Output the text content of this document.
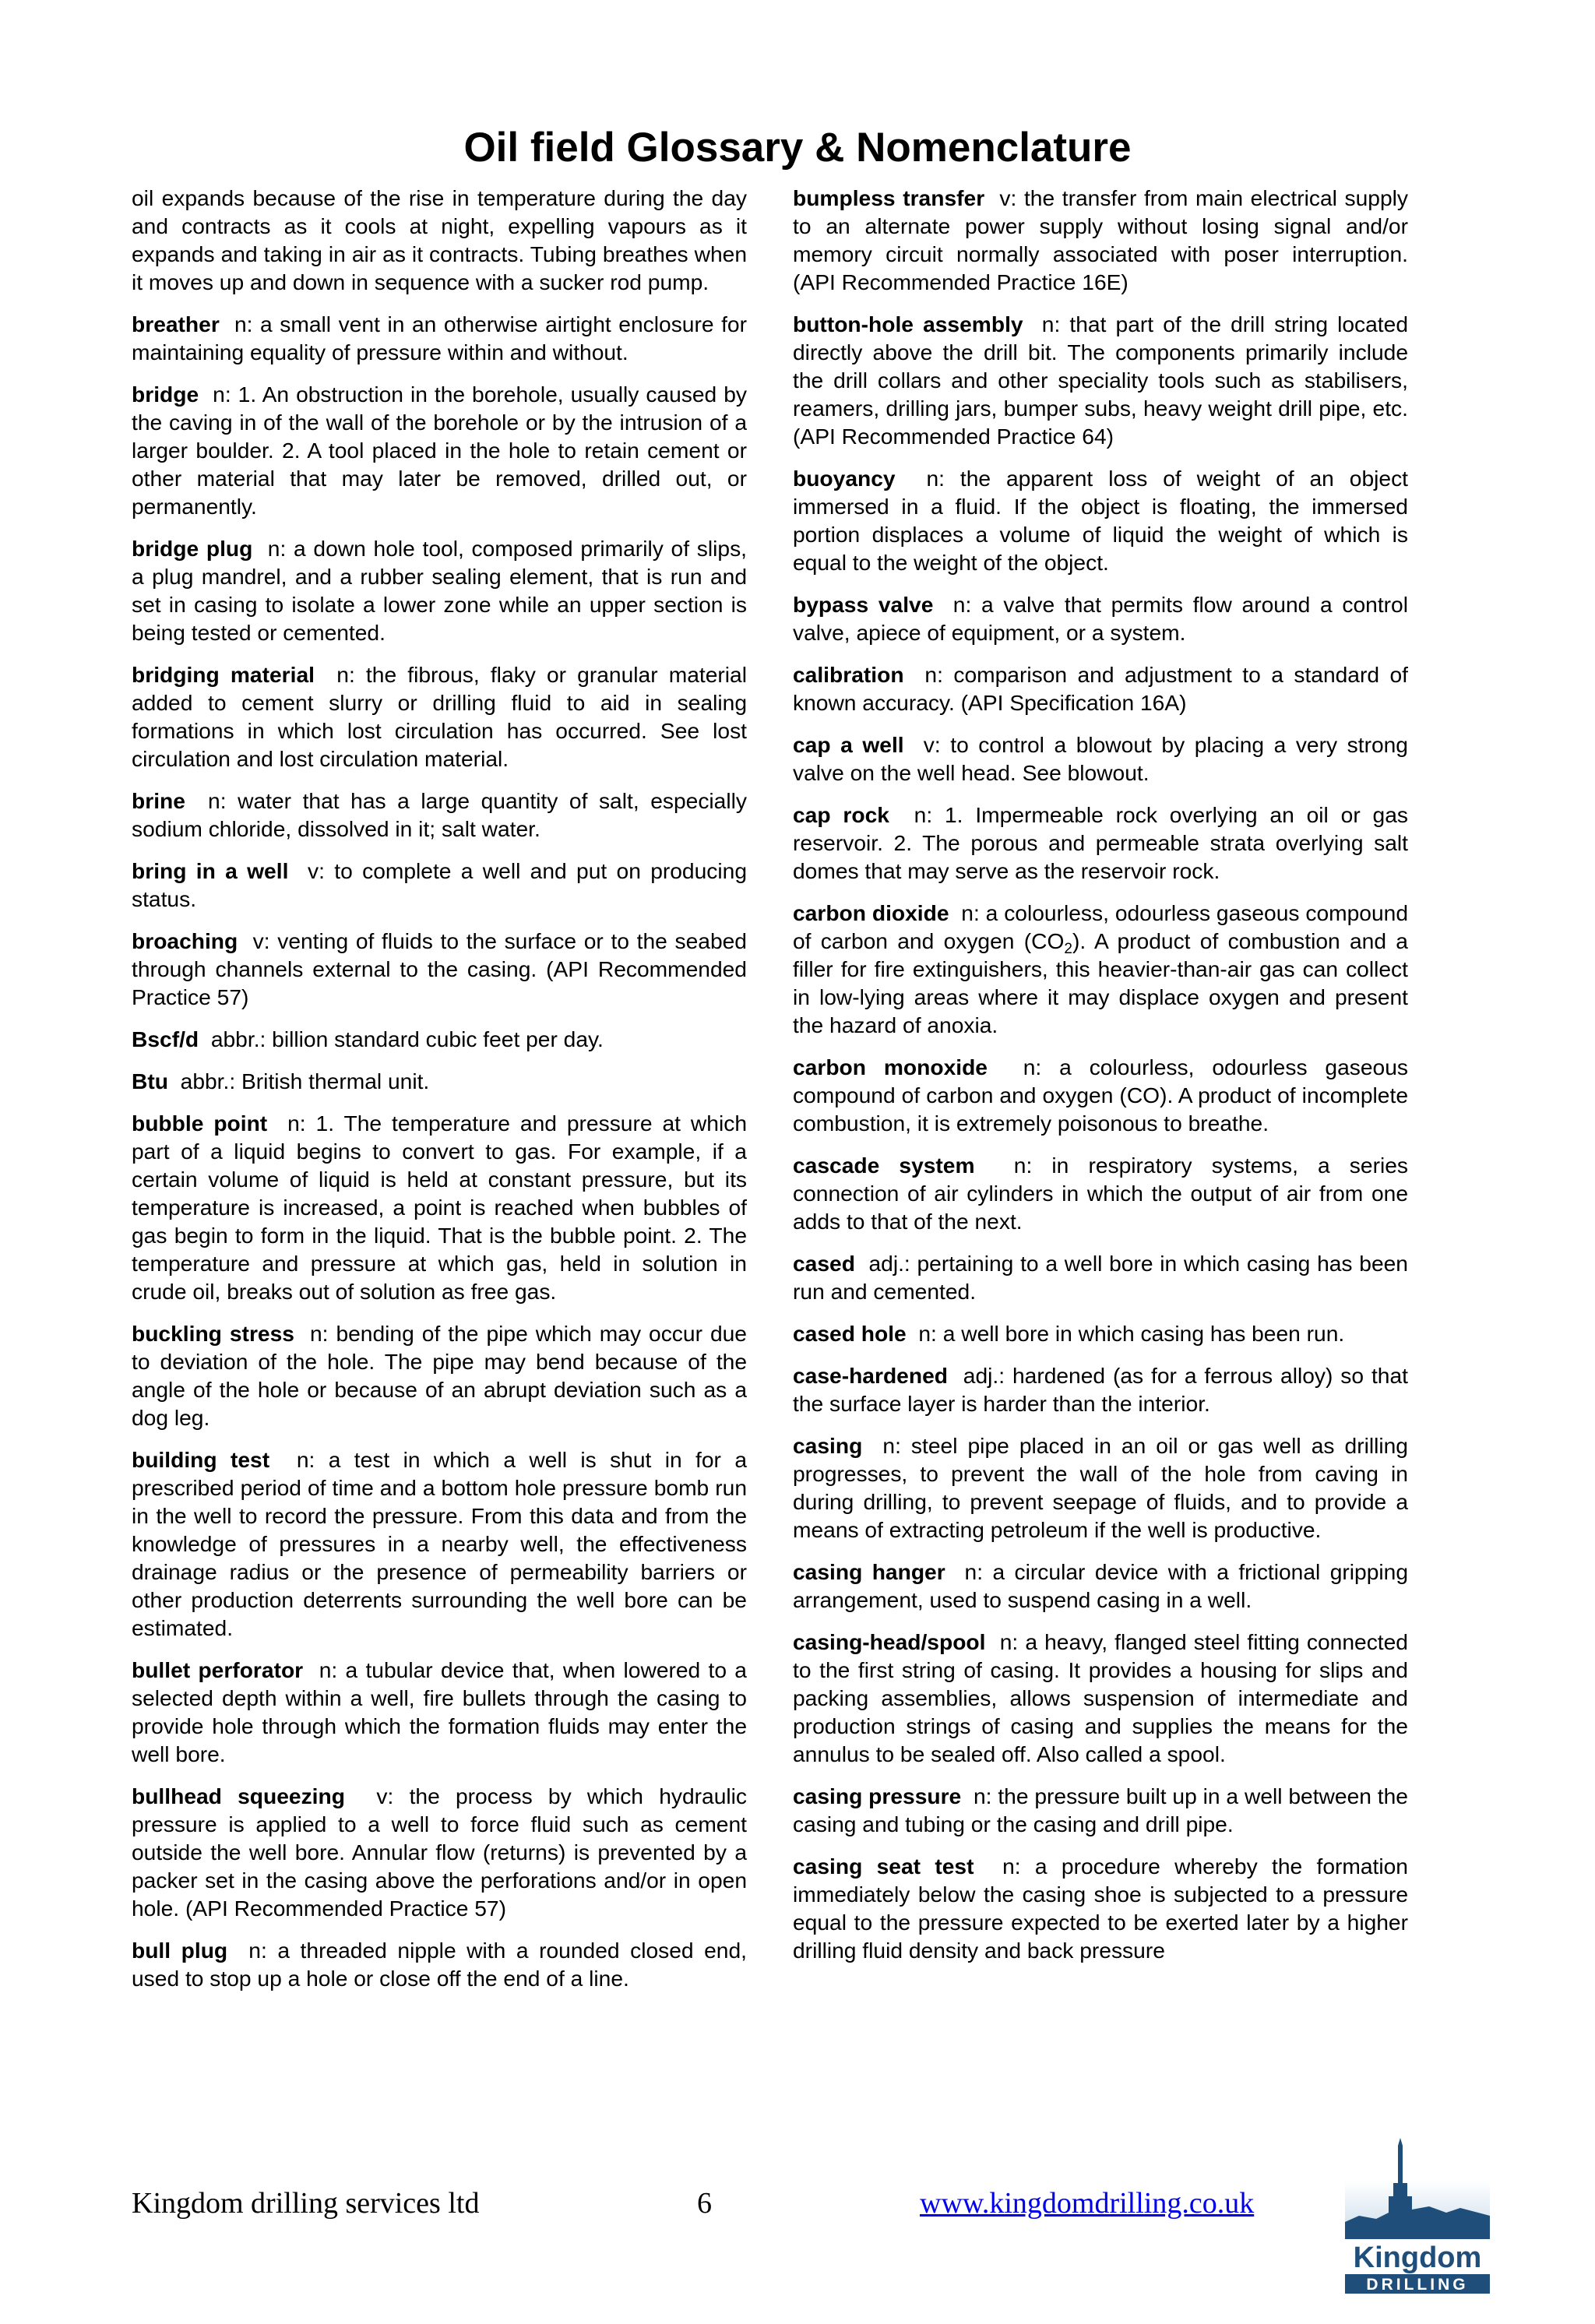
Oil field Glossary & Nomenclature

oil expands because of the rise in temperature during the day and contracts as it cools at night, expelling vapours as it expands and taking in air as it contracts. Tubing breathes when it moves up and down in sequence with a sucker rod pump.

breather n: a small vent in an otherwise airtight enclosure for maintaining equality of pressure within and without.

bridge n: 1. An obstruction in the borehole, usually caused by the caving in of the wall of the borehole or by the intrusion of a larger boulder. 2. A tool placed in the hole to retain cement or other material that may later be removed, drilled out, or permanently.

bridge plug n: a down hole tool, composed primarily of slips, a plug mandrel, and a rubber sealing element, that is run and set in casing to isolate a lower zone while an upper section is being tested or cemented.

bridging material n: the fibrous, flaky or granular material added to cement slurry or drilling fluid to aid in sealing formations in which lost circulation has occurred. See lost circulation and lost circulation material.

brine n: water that has a large quantity of salt, especially sodium chloride, dissolved in it; salt water.

bring in a well v: to complete a well and put on producing status.

broaching v: venting of fluids to the surface or to the seabed through channels external to the casing. (API Recommended Practice 57)

Bscf/d abbr.: billion standard cubic feet per day.

Btu abbr.: British thermal unit.

bubble point n: 1. The temperature and pressure at which part of a liquid begins to convert to gas. For example, if a certain volume of liquid is held at constant pressure, but its temperature is increased, a point is reached when bubbles of gas begin to form in the liquid. That is the bubble point. 2. The temperature and pressure at which gas, held in solution in crude oil, breaks out of solution as free gas.

buckling stress n: bending of the pipe which may occur due to deviation of the hole. The pipe may bend because of the angle of the hole or because of an abrupt deviation such as a dog leg.

building test n: a test in which a well is shut in for a prescribed period of time and a bottom hole pressure bomb run in the well to record the pressure. From this data and from the knowledge of pressures in a nearby well, the effectiveness drainage radius or the presence of permeability barriers or other production deterrents surrounding the well bore can be estimated.

bullet perforator n: a tubular device that, when lowered to a selected depth within a well, fire bullets through the casing to provide hole through which the formation fluids may enter the well bore.

bullhead squeezing v: the process by which hydraulic pressure is applied to a well to force fluid such as cement outside the well bore. Annular flow (returns) is prevented by a packer set in the casing above the perforations and/or in open hole. (API Recommended Practice 57)

bull plug n: a threaded nipple with a rounded closed end, used to stop up a hole or close off the end of a line.

bumpless transfer v: the transfer from main electrical supply to an alternate power supply without losing signal and/or memory circuit normally associated with poser interruption. (API Recommended Practice 16E)

button-hole assembly n: that part of the drill string located directly above the drill bit. The components primarily include the drill collars and other speciality tools such as stabilisers, reamers, drilling jars, bumper subs, heavy weight drill pipe, etc. (API Recommended Practice 64)

buoyancy n: the apparent loss of weight of an object immersed in a fluid. If the object is floating, the immersed portion displaces a volume of liquid the weight of which is equal to the weight of the object.

bypass valve n: a valve that permits flow around a control valve, apiece of equipment, or a system.

calibration n: comparison and adjustment to a standard of known accuracy. (API Specification 16A)

cap a well v: to control a blowout by placing a very strong valve on the well head. See blowout.

cap rock n: 1. Impermeable rock overlying an oil or gas reservoir. 2. The porous and permeable strata overlying salt domes that may serve as the reservoir rock.

carbon dioxide n: a colourless, odourless gaseous compound of carbon and oxygen $(CO_2)$. A product of combustion and a filler for fire extinguishers, this heavier-than-air gas can collect in low-lying areas where it may displace oxygen and present the hazard of anoxia.

carbon monoxide n: a colourless, odourless gaseous compound of carbon and oxygen (CO). A product of incomplete combustion, it is extremely poisonous to breathe.

cascade system n: in respiratory systems, a series connection of air cylinders in which the output of air from one adds to that of the next.

cased adj.: pertaining to a well bore in which casing has been run and cemented.

cased hole n: a well bore in which casing has been run.

case-hardened adj.: hardened (as for a ferrous alloy) so that the surface layer is harder than the interior.

casing n: steel pipe placed in an oil or gas well as drilling progresses, to prevent the wall of the hole from caving in during drilling, to prevent seepage of fluids, and to provide a means of extracting petroleum if the well is productive.

casing hanger n: a circular device with a frictional gripping arrangement, used to suspend casing in a well.

casing-head/spool n: a heavy, flanged steel fitting connected to the first string of casing. It provides a housing for slips and packing assemblies, allows suspension of intermediate and production strings of casing and supplies the means for the annulus to be sealed off. Also called a spool.

casing pressure n: the pressure built up in a well between the casing and tubing or the casing and drill pipe.

casing seat test n: a procedure whereby the formation immediately below the casing shoe is subjected to a pressure equal to the pressure expected to be exerted later by a higher drilling fluid density and back pressure

Kingdom drilling services ltd	6	www.kingdomdrilling.co.uk
Kingdom
DRILLING
